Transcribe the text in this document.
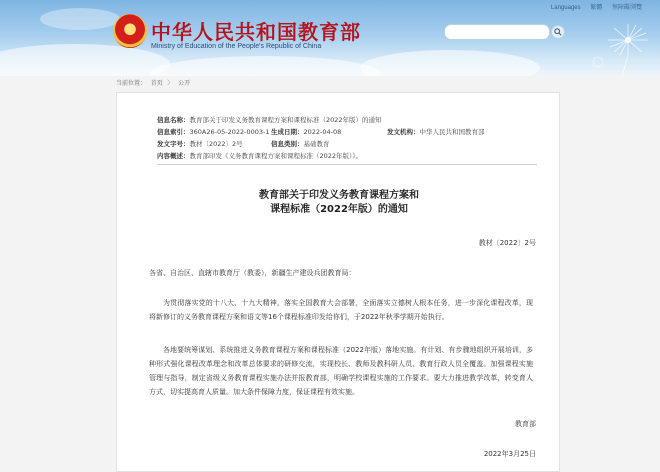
中华人民共和国教育部
Ministry of Education of the People's Republic of China
Languages 繁體 無障礙浏覽
当前位置： 首页 〉 公开
信息名称：教育部关于印发义务教育课程方案和课程标准（2022年版）的通知
信息索引：360A26-05-2022-0003-1 生成日期：2022-04-08	发文机构：中华人民共和国教育部
发文字号：教材〔2022〕2号	信息类别：基础教育
内容概述：教育部印发《义务教育课程方案和课程标准（2022年版）》。
教育部关于印发义务教育课程方案和
课程标准（2022年版）的通知
教材〔2022〕2号
各省、自治区、直辖市教育厅（教委），新疆生产建设兵团教育局：
为贯彻落实党的十八大、十九大精神，落实全国教育大会部署，全面落实立德树人根本任务，进一步深化课程改革，现将新修订的义务教育课程方案和语文等16个课程标准印发给你们，于2022年秋季学期开始执行。
各地要统筹谋划、系统推进义务教育课程方案和课程标准（2022年版）落地实施。有计划、有步骤地组织开展培训，多种形式强化课程改革理念和改革总体要求的研修交流，实现校长、教师及教科研人员、教育行政人员全覆盖。加强课程实施管理与指导，制定省级义务教育课程实施办法并报教育部，明确学校课程实施的工作要求。要大力推进教学改革，转变育人方式，切实提高育人质量。加大条件保障力度，保证课程有效实施。
教育部
2022年3月25日
